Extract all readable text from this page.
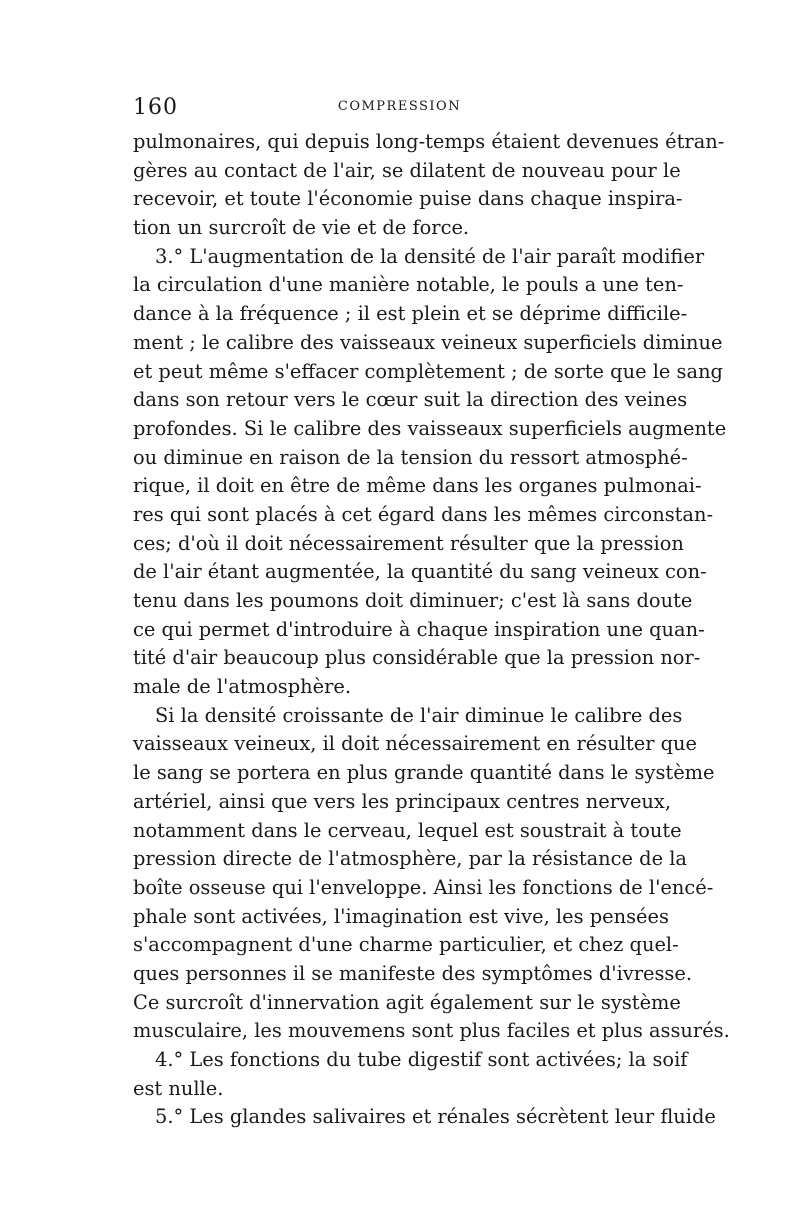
160	COMPRESSION
pulmonaires, qui depuis long-temps étaient devenues étran-
gères au contact de l'air, se dilatent de nouveau pour le
recevoir, et toute l'économie puise dans chaque inspira-
tion un surcroît de vie et de force.
3.° L'augmentation de la densité de l'air paraît modifier
la circulation d'une manière notable, le pouls a une ten-
dance à la fréquence ; il est plein et se déprime difficile-
ment ; le calibre des vaisseaux veineux superficiels diminue
et peut même s'effacer complètement ; de sorte que le sang
dans son retour vers le cœur suit la direction des veines
profondes. Si le calibre des vaisseaux superficiels augmente
ou diminue en raison de la tension du ressort atmosphé-
rique, il doit en être de même dans les organes pulmonai-
res qui sont placés à cet égard dans les mêmes circonstan-
ces; d'où il doit nécessairement résulter que la pression
de l'air étant augmentée, la quantité du sang veineux con-
tenu dans les poumons doit diminuer; c'est là sans doute
ce qui permet d'introduire à chaque inspiration une quan-
tité d'air beaucoup plus considérable que la pression nor-
male de l'atmosphère.
Si la densité croissante de l'air diminue le calibre des
vaisseaux veineux, il doit nécessairement en résulter que
le sang se portera en plus grande quantité dans le système
artériel, ainsi que vers les principaux centres nerveux,
notamment dans le cerveau, lequel est soustrait à toute
pression directe de l'atmosphère, par la résistance de la
boîte osseuse qui l'enveloppe. Ainsi les fonctions de l'encé-
phale sont activées, l'imagination est vive, les pensées
s'accompagnent d'une charme particulier, et chez quel-
ques personnes il se manifeste des symptômes d'ivresse.
Ce surcroît d'innervation agit également sur le système
musculaire, les mouvemens sont plus faciles et plus assurés.
4.° Les fonctions du tube digestif sont activées; la soif
est nulle.
5.° Les glandes salivaires et rénales sécrètent leur fluide
